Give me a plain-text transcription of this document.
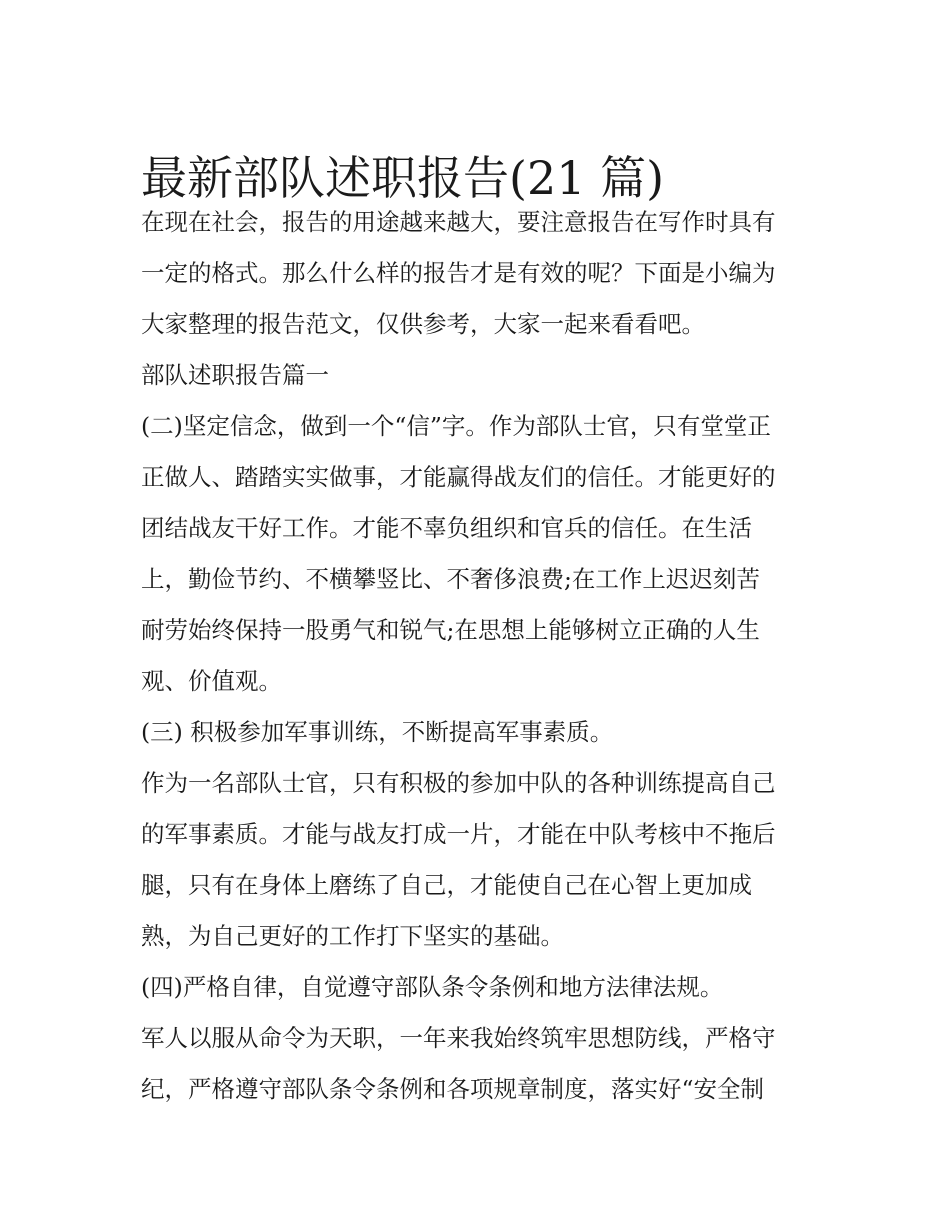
最新部队述职报告(21 篇)
在现在社会，报告的用途越来越大，要注意报告在写作时具有
一定的格式。那么什么样的报告才是有效的呢？下面是小编为
大家整理的报告范文，仅供参考，大家一起来看看吧。
部队述职报告篇一
(二)坚定信念，做到一个“信”字。作为部队士官，只有堂堂正
正做人、踏踏实实做事，才能赢得战友们的信任。才能更好的
团结战友干好工作。才能不辜负组织和官兵的信任。在生活
上，勤俭节约、不横攀竖比、不奢侈浪费;在工作上迟迟刻苦
耐劳始终保持一股勇气和锐气;在思想上能够树立正确的人生
观、价值观。
(三) 积极参加军事训练，不断提高军事素质。
作为一名部队士官，只有积极的参加中队的各种训练提高自己
的军事素质。才能与战友打成一片，才能在中队考核中不拖后
腿，只有在身体上磨练了自己，才能使自己在心智上更加成
熟，为自己更好的工作打下坚实的基础。
(四)严格自律，自觉遵守部队条令条例和地方法律法规。
军人以服从命令为天职，一年来我始终筑牢思想防线，严格守
纪，严格遵守部队条令条例和各项规章制度，落实好“安全制
